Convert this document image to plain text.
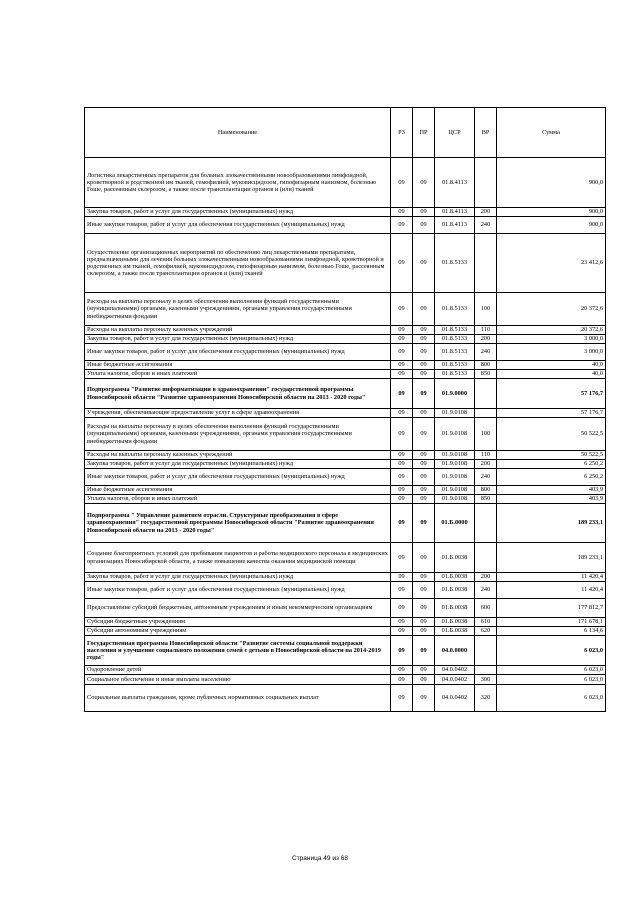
Наименование	РЗ	ПР	ЦСР	ВР	Сумма
Логистика лекарственных препаратов для больных злокачественными новообразованиями лимфоидной, кроветворной и родственной им тканей, гемофилией, муковисцидозом, гипофизарным нанизмом, болезнью Гоше, рассеянным склерозом, а также после трансплантации органов и (или) тканей	09	09	01.8.4113		900,0
Закупка товаров, работ и услуг для государственных (муниципальных) нужд	09	09	01.8.4113	200	900,0
Иные закупки товаров, работ и услуг для обеспечения государственных (муниципальных) нужд	09	09	01.8.4113	240	900,0
Осуществление организационных мероприятий по обеспечению лиц лекарственными препаратами, предназначенными для лечения больных злокачественными новообразованиями лимфоидной, кроветворной и родственных им тканей, гемофилией, муковисцидозом, гипофизарным нанизмом, болезнью Гоше, рассеянным склерозом, а также после трансплантации органов и (или) тканей	09	09	01.8.5133		23 412,6
Расходы на выплаты персоналу в целях обеспечения выполнения функций государственными (муниципальными) органами, казенными учреждениями, органами управления государственными внебюджетными фондами	09	09	01.8.5133	100	20 372,6
Расходы на выплаты персоналу казенных учреждений	09	09	01.8.5133	110	20 372,6
Закупка товаров, работ и услуг для государственных (муниципальных) нужд	09	09	01.8.5133	200	3 000,0
Иные закупки товаров, работ и услуг для обеспечения государственных (муниципальных) нужд	09	09	01.8.5133	240	3 000,0
Иные бюджетные ассигнования	09	09	01.8.5133	800	40,0
Уплата налогов, сборов и иных платежей	09	09	01.8.5133	850	40,0
Подпрограмма "Развитие информатизации в здравоохранении" государственной программы Новосибирской области "Развитие здравоохранения Новосибирской области на 2013 - 2020 годы"	09	09	01.9.0000		57 176,7
Учреждения, обеспечивающие предоставление услуг в сфере здравоохранения	09	09	01.9.0108		57 176,7
Расходы на выплаты персоналу в целях обеспечения выполнения функций государственными (муниципальными) органами, казенными учреждениями, органами управления государственными внебюджетными фондами	09	09	01.9.0108	100	50 522,5
Расходы на выплаты персоналу казенных учреждений	09	09	01.9.0108	110	50 522,5
Закупка товаров, работ и услуг для государственных (муниципальных) нужд	09	09	01.9.0108	200	6 250,2
Иные закупки товаров, работ и услуг для обеспечения государственных (муниципальных) нужд	09	09	01.9.0108	240	6 250,2
Иные бюджетные ассигнования	09	09	01.9.0108	800	403,9
Уплата налогов, сборов и иных платежей	09	09	01.9.0108	850	403,9
Подпрограмма " Управление развитием отрасли. Структурные преобразования в сфере здравоохранения" государственной программы Новосибирской области "Развитие здравоохранения Новосибирской области на 2013 - 2020 годы"	09	09	01.Б.0000		189 233,1
Создание благоприятных условий для пребывания пациентов и работы медицинского персонала в медицинских организациях Новосибирской области, а также повышение качества оказания медицинской помощи	09	09	01.Б.0038		189 233,1
Закупка товаров, работ и услуг для государственных (муниципальных) нужд	09	09	01.Б.0038	200	11 420,4
Иные закупки товаров, работ и услуг для обеспечения государственных (муниципальных) нужд	09	09	01.Б.0038	240	11 420,4
Предоставление субсидий бюджетным, автономным учреждениям и иным некоммерческим организациям	09	09	01.Б.0038	600	177 812,7
Субсидии бюджетным учреждениям	09	09	01.Б.0038	610	171 678,1
Субсидии автономным учреждениям	09	09	01.Б.0038	620	6 134,6
Государственная программа Новосибирской области "Развитие системы социальной поддержки населения и улучшение социального положения семей с детьми в Новосибирской области на 2014-2019 годы"	09	09	04.0.0000		6 023,0
Оздоровление детей	09	09	04.0.0402		6 023,0
Социальное обеспечение и иные выплаты населению	09	09	04.0.0402	300	6 023,0
Социальные выплаты гражданам, кроме публичных нормативных социальных выплат	09	09	04.0.0402	320	6 023,0
Страница 49 из 68
